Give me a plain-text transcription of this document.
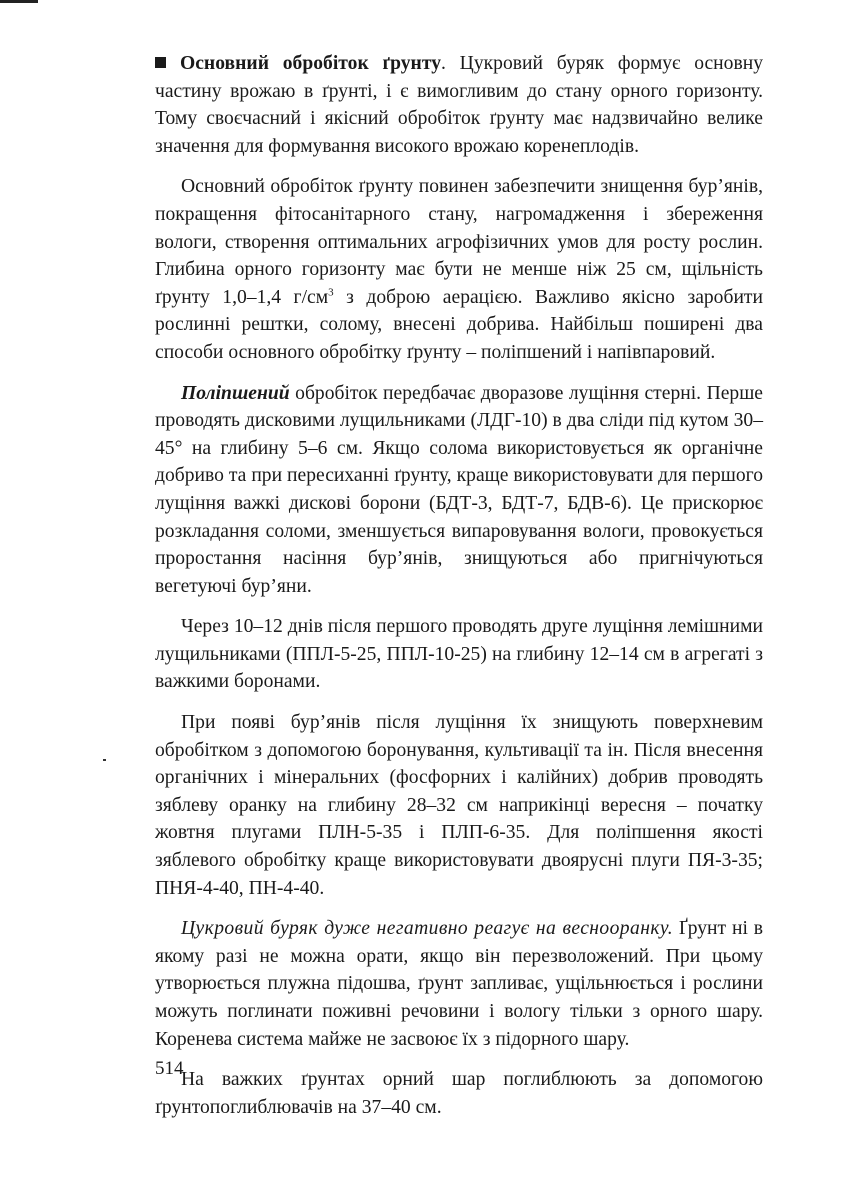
Основний обробіток ґрунту. Цукровий буряк формує основну частину врожаю в ґрунті, і є вимогливим до стану орного горизонту. Тому своєчасний і якісний обробіток ґрунту має надзвичайно велике значення для формування високого врожаю коренеплодів.

Основний обробіток ґрунту повинен забезпечити знищення бур’янів, покращення фітосанітарного стану, нагромадження і збереження вологи, створення оптимальних агрофізичних умов для росту рослин. Глибина орного горизонту має бути не менше ніж 25 см, щільність ґрунту 1,0–1,4 $г/см^3$ з доброю аерацією. Важливо якісно заробити рослинні рештки, солому, внесені добрива. Найбільш поширені два способи основного обробітку ґрунту – поліпшений і напівпаровий.

Поліпшений обробіток передбачає дворазове лущіння стерні. Перше проводять дисковими лущильниками (ЛДГ-10) в два сліди під кутом 30–45° на глибину 5–6 см. Якщо солома використовується як органічне добриво та при пересиханні ґрунту, краще використовувати для першого лущіння важкі дискові борони (БДТ-3, БДТ-7, БДВ-6). Це прискорює розкладання соломи, зменшується випаровування вологи, провокується проростання насіння бур’янів, знищуються або пригнічуються вегетуючі бур’яни.

Через 10–12 днів після першого проводять друге лущіння лемішними лущильниками (ППЛ-5-25, ППЛ-10-25) на глибину 12–14 см в агрегаті з важкими боронами.

При появі бур’янів після лущіння їх знищують поверхневим обробітком з допомогою боронування, культивації та ін. Після внесення органічних і мінеральних (фосфорних і калійних) добрив проводять зяблеву оранку на глибину 28–32 см наприкінці вересня – початку жовтня плугами ПЛН-5-35 і ПЛП-6-35. Для поліпшення якості зяблевого обробітку краще використовувати двоярусні плуги ПЯ-3-35; ПНЯ-4-40, ПН-4-40.

Цукровий буряк дуже негативно реагує на веснооранку. Ґрунт ні в якому разі не можна орати, якщо він перезволожений. При цьому утворюється плужна підошва, ґрунт запливає, ущільнюється і рослини можуть поглинати поживні речовини і вологу тільки з орного шару. Коренева система майже не засвоює їх з підорного шару.

На важких ґрунтах орний шар поглиблюють за допомогою ґрунтопоглиблювачів на 37–40 см.

514
